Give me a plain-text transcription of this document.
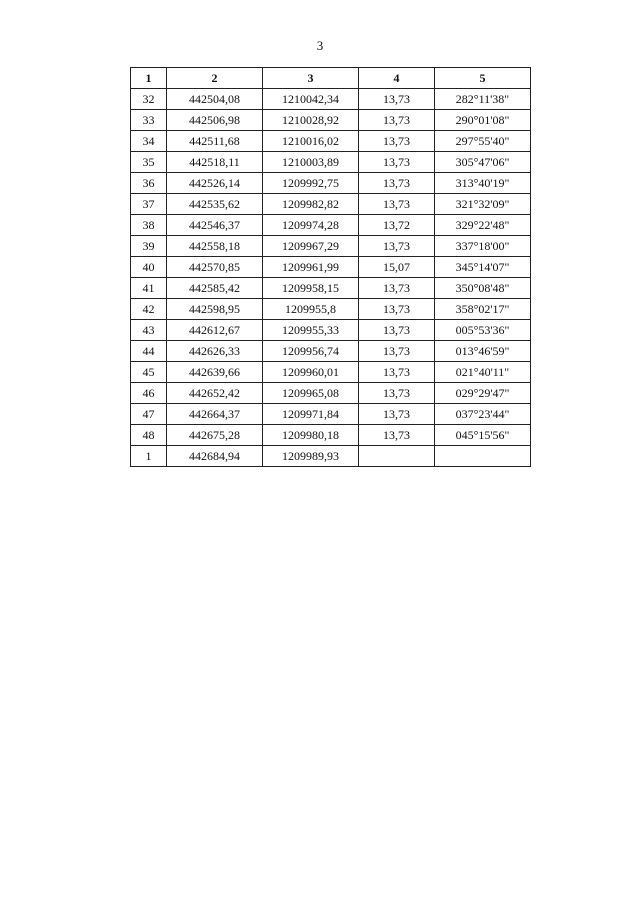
3
1	2	3	4	5
32	442504,08	1210042,34	13,73	282°11'38"
33	442506,98	1210028,92	13,73	290°01'08"
34	442511,68	1210016,02	13,73	297°55'40"
35	442518,11	1210003,89	13,73	305°47'06"
36	442526,14	1209992,75	13,73	313°40'19"
37	442535,62	1209982,82	13,73	321°32'09"
38	442546,37	1209974,28	13,72	329°22'48"
39	442558,18	1209967,29	13,73	337°18'00"
40	442570,85	1209961,99	15,07	345°14'07"
41	442585,42	1209958,15	13,73	350°08'48"
42	442598,95	1209955,8	13,73	358°02'17"
43	442612,67	1209955,33	13,73	005°53'36"
44	442626,33	1209956,74	13,73	013°46'59"
45	442639,66	1209960,01	13,73	021°40'11"
46	442652,42	1209965,08	13,73	029°29'47"
47	442664,37	1209971,84	13,73	037°23'44"
48	442675,28	1209980,18	13,73	045°15'56"
1	442684,94	1209989,93		
